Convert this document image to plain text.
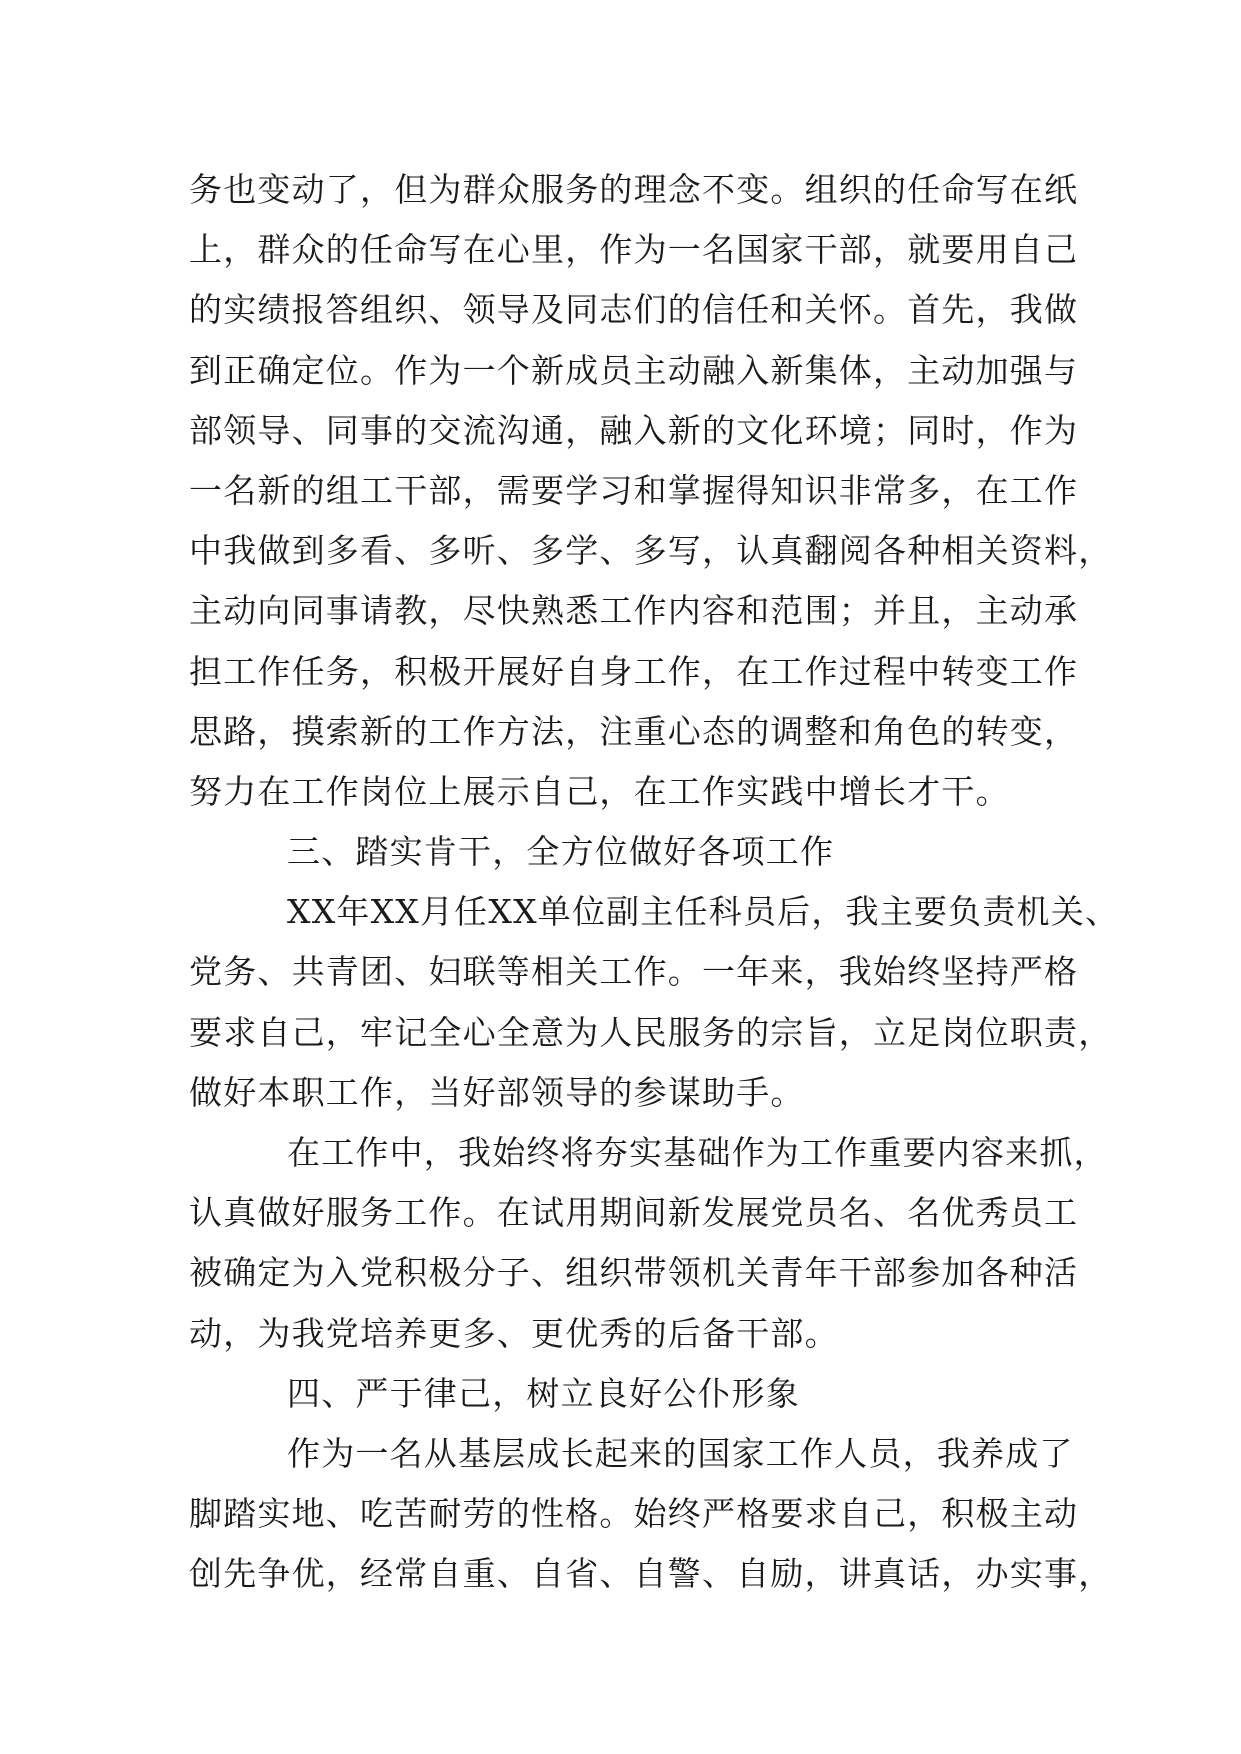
务也变动了，但为群众服务的理念不变。组织的任命写在纸
上，群众的任命写在心里，作为一名国家干部，就要用自己
的实绩报答组织、领导及同志们的信任和关怀。首先，我做
到正确定位。作为一个新成员主动融入新集体，主动加强与
部领导、同事的交流沟通，融入新的文化环境；同时，作为
一名新的组工干部，需要学习和掌握得知识非常多，在工作
中我做到多看、多听、多学、多写，认真翻阅各种相关资料，
主动向同事请教，尽快熟悉工作内容和范围；并且，主动承
担工作任务，积极开展好自身工作，在工作过程中转变工作
思路，摸索新的工作方法，注重心态的调整和角色的转变，
努力在工作岗位上展示自己，在工作实践中增长才干。
三、踏实肯干，全方位做好各项工作
XX年XX月任XX单位副主任科员后，我主要负责机关、
党务、共青团、妇联等相关工作。一年来，我始终坚持严格
要求自己，牢记全心全意为人民服务的宗旨，立足岗位职责，
做好本职工作，当好部领导的参谋助手。
在工作中，我始终将夯实基础作为工作重要内容来抓，
认真做好服务工作。在试用期间新发展党员名、名优秀员工
被确定为入党积极分子、组织带领机关青年干部参加各种活
动，为我党培养更多、更优秀的后备干部。
四、严于律己，树立良好公仆形象
作为一名从基层成长起来的国家工作人员，我养成了
脚踏实地、吃苦耐劳的性格。始终严格要求自己，积极主动
创先争优，经常自重、自省、自警、自励，讲真话，办实事，
